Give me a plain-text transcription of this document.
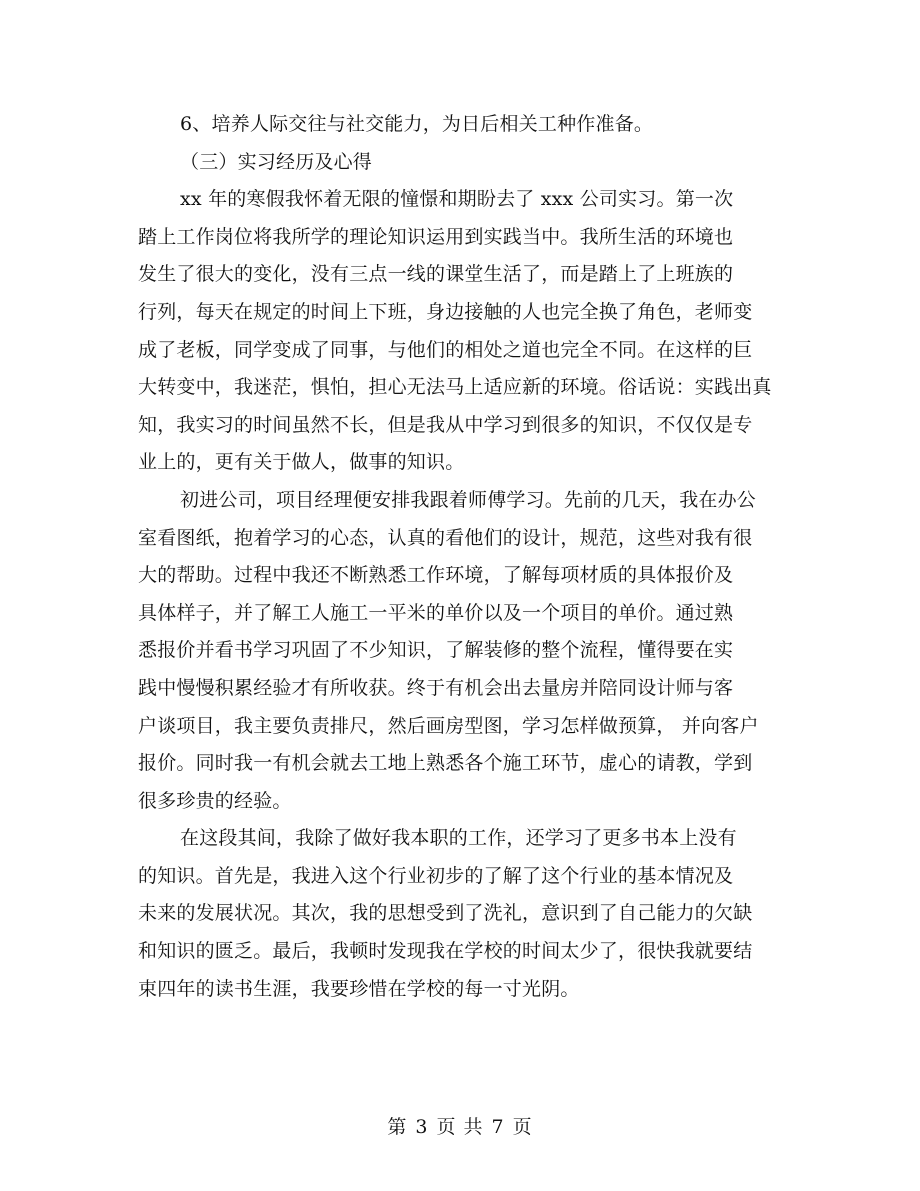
6、培养人际交往与社交能力，为日后相关工种作准备。

（三）实习经历及心得

xx 年的寒假我怀着无限的憧憬和期盼去了 xxx 公司实习。第一次
踏上工作岗位将我所学的理论知识运用到实践当中。我所生活的环境也
发生了很大的变化，没有三点一线的课堂生活了，而是踏上了上班族的
行列，每天在规定的时间上下班，身边接触的人也完全换了角色，老师变
成了老板，同学变成了同事，与他们的相处之道也完全不同。在这样的巨
大转变中，我迷茫，惧怕，担心无法马上适应新的环境。俗话说：实践出真
知，我实习的时间虽然不长，但是我从中学习到很多的知识，不仅仅是专
业上的，更有关于做人，做事的知识。

初进公司，项目经理便安排我跟着师傅学习。先前的几天，我在办公
室看图纸，抱着学习的心态，认真的看他们的设计，规范，这些对我有很
大的帮助。过程中我还不断熟悉工作环境，了解每项材质的具体报价及
具体样子，并了解工人施工一平米的单价以及一个项目的单价。通过熟
悉报价并看书学习巩固了不少知识，了解装修的整个流程，懂得要在实
践中慢慢积累经验才有所收获。终于有机会出去量房并陪同设计师与客
户谈项目，我主要负责排尺，然后画房型图，学习怎样做预算， 并向客户
报价。同时我一有机会就去工地上熟悉各个施工环节，虚心的请教，学到
很多珍贵的经验。

在这段其间，我除了做好我本职的工作，还学习了更多书本上没有
的知识。首先是，我进入这个行业初步的了解了这个行业的基本情况及
未来的发展状况。其次，我的思想受到了洗礼，意识到了自己能力的欠缺
和知识的匮乏。最后，我顿时发现我在学校的时间太少了，很快我就要结
束四年的读书生涯，我要珍惜在学校的每一寸光阴。

第 3 页 共 7 页
